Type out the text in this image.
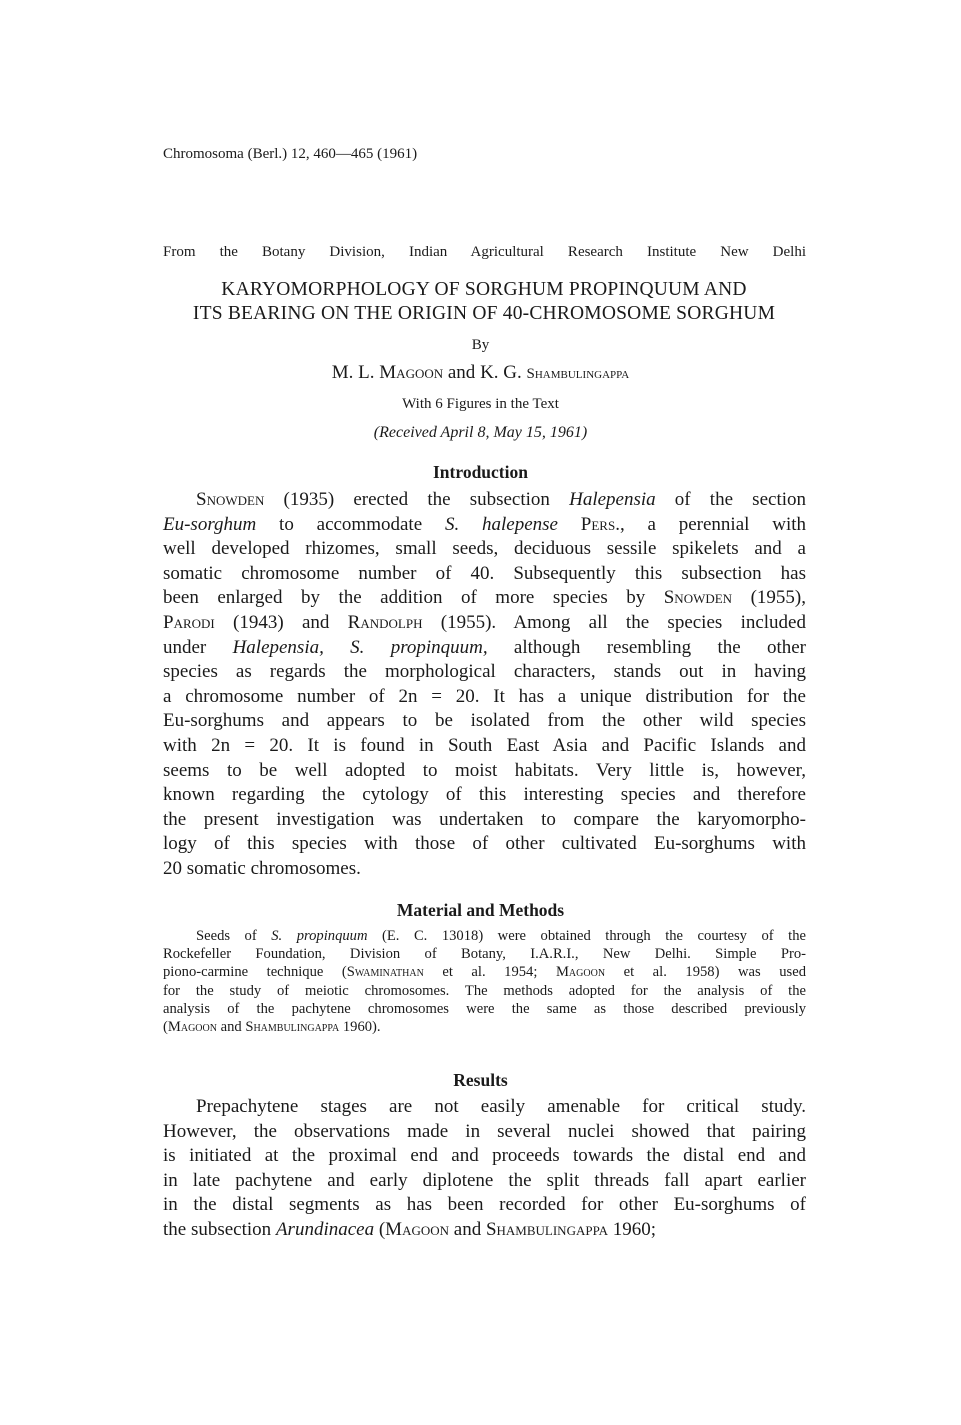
Chromosoma (Berl.) 12, 460—465 (1961)
From the Botany Division, Indian Agricultural Research Institute New Delhi
KARYOMORPHOLOGY OF SORGHUM PROPINQUUM AND
ITS BEARING ON THE ORIGIN OF 40-CHROMOSOME SORGHUM
By
M. L. Magoon and K. G. Shambulingappa
With 6 Figures in the Text
(Received April 8, May 15, 1961)
Introduction
Snowden (1935) erected the subsection Halepensia of the section
Eu-sorghum to accommodate S. halepense Pers., a perennial with
well developed rhizomes, small seeds, deciduous sessile spikelets and a
somatic chromosome number of 40. Subsequently this subsection has
been enlarged by the addition of more species by Snowden (1955),
Parodi (1943) and Randolph (1955). Among all the species included
under Halepensia, S. propinquum, although resembling the other
species as regards the morphological characters, stands out in having
a chromosome number of 2n = 20. It has a unique distribution for the
Eu-sorghums and appears to be isolated from the other wild species
with 2n = 20. It is found in South East Asia and Pacific Islands and
seems to be well adopted to moist habitats. Very little is, however,
known regarding the cytology of this interesting species and therefore
the present investigation was undertaken to compare the karyomorpho-
logy of this species with those of other cultivated Eu-sorghums with
20 somatic chromosomes.
Material and Methods
Seeds of S. propinquum (E. C. 13018) were obtained through the courtesy of the
Rockefeller Foundation, Division of Botany, I.A.R.I., New Delhi. Simple Pro-
piono-carmine technique (Swaminathan et al. 1954; Magoon et al. 1958) was used
for the study of meiotic chromosomes. The methods adopted for the analysis of the
analysis of the pachytene chromosomes were the same as those described previously
(Magoon and Shambulingappa 1960).
Results
Prepachytene stages are not easily amenable for critical study.
However, the observations made in several nuclei showed that pairing
is initiated at the proximal end and proceeds towards the distal end and
in late pachytene and early diplotene the split threads fall apart earlier
in the distal segments as has been recorded for other Eu-sorghums of
the subsection Arundinacea (Magoon and Shambulingappa 1960;
